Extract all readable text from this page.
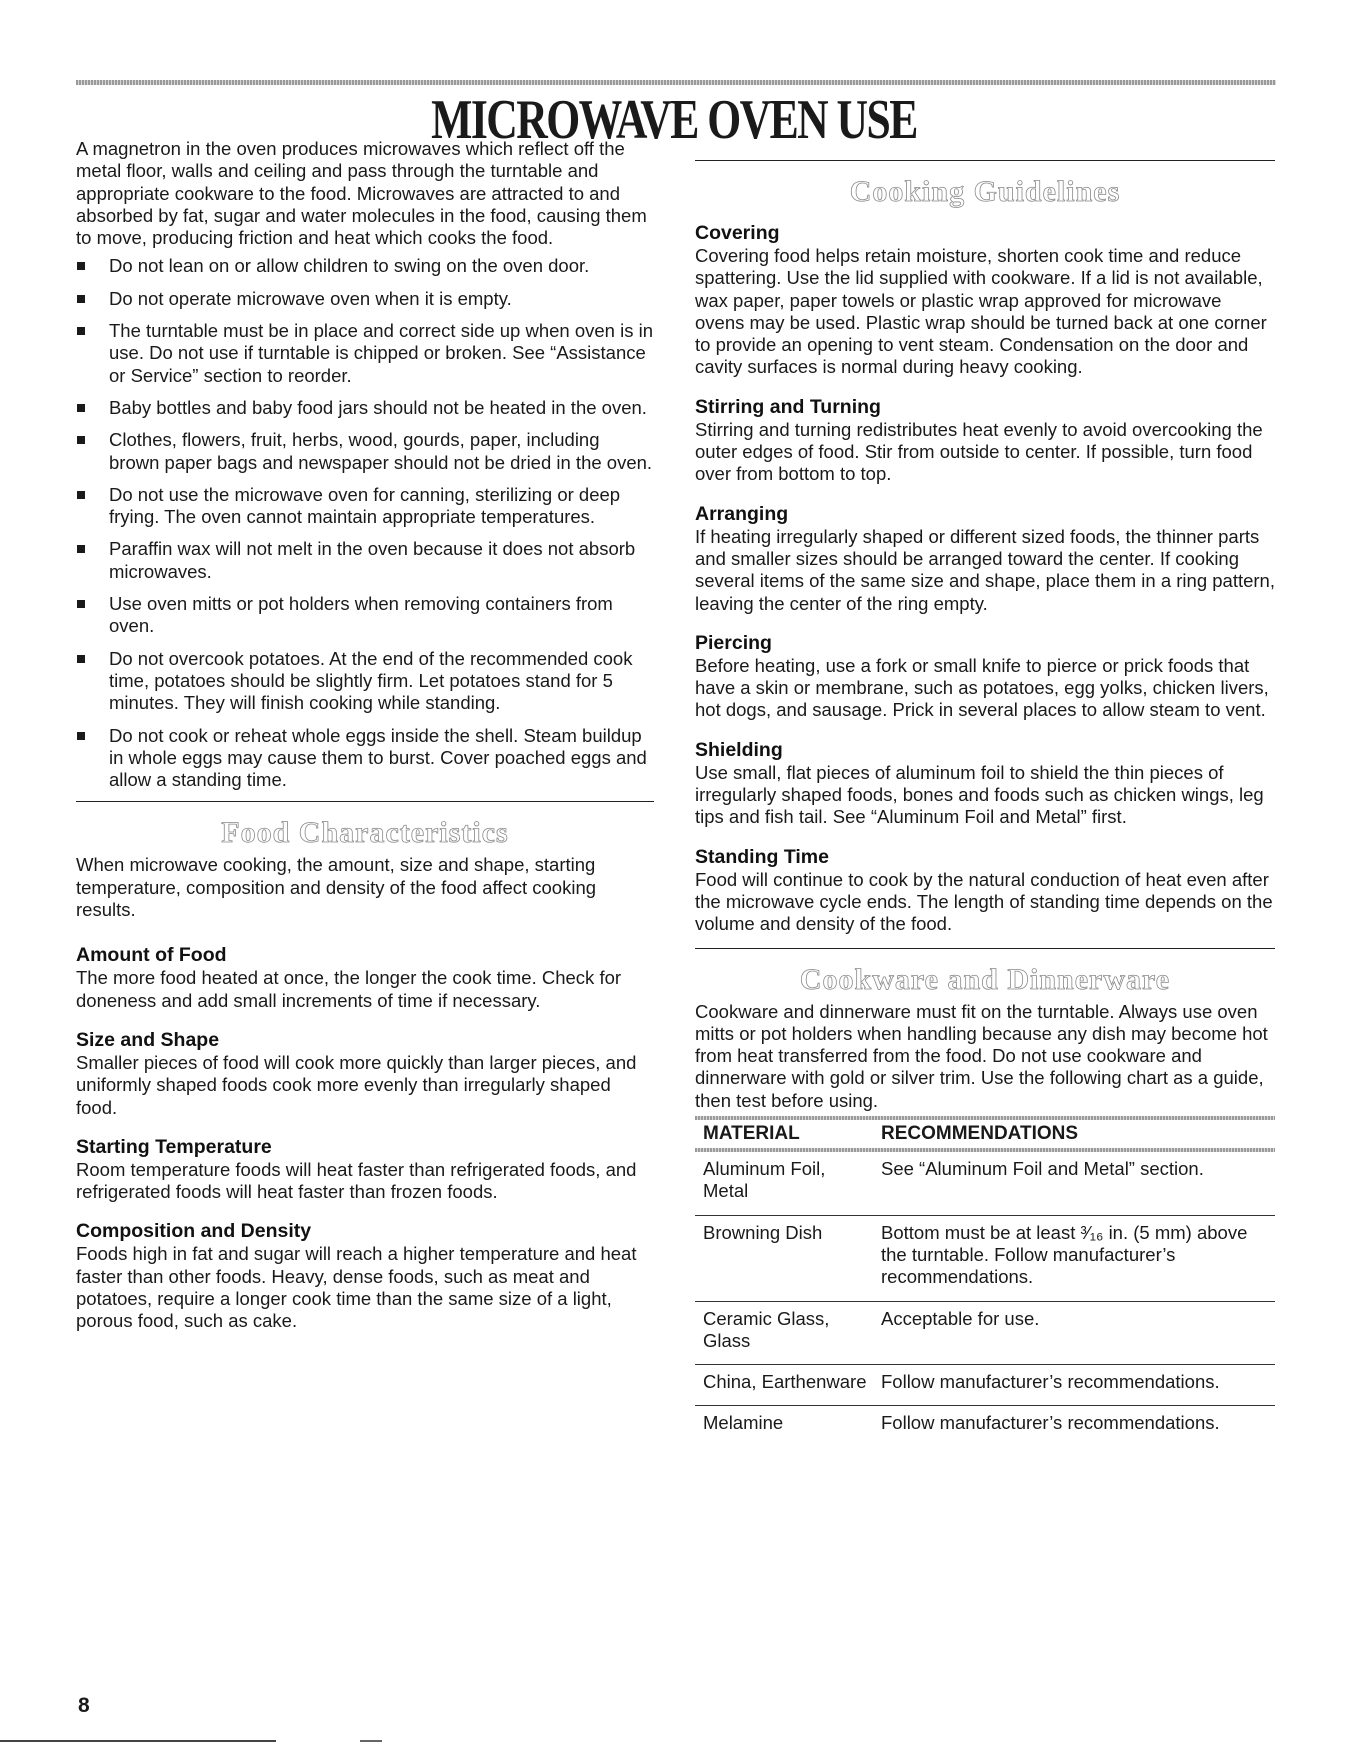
MICROWAVE OVEN USE

A magnetron in the oven produces microwaves which reflect off the metal floor, walls and ceiling and pass through the turntable and appropriate cookware to the food. Microwaves are attracted to and absorbed by fat, sugar and water molecules in the food, causing them to move, producing friction and heat which cooks the food.

Do not lean on or allow children to swing on the oven door.
Do not operate microwave oven when it is empty.
The turntable must be in place and correct side up when oven is in use. Do not use if turntable is chipped or broken. See “Assistance or Service” section to reorder.
Baby bottles and baby food jars should not be heated in the oven.
Clothes, flowers, fruit, herbs, wood, gourds, paper, including brown paper bags and newspaper should not be dried in the oven.
Do not use the microwave oven for canning, sterilizing or deep frying. The oven cannot maintain appropriate temperatures.
Paraffin wax will not melt in the oven because it does not absorb microwaves.
Use oven mitts or pot holders when removing containers from oven.
Do not overcook potatoes. At the end of the recommended cook time, potatoes should be slightly firm. Let potatoes stand for 5 minutes. They will finish cooking while standing.
Do not cook or reheat whole eggs inside the shell. Steam buildup in whole eggs may cause them to burst. Cover poached eggs and allow a standing time.
Food Characteristics

When microwave cooking, the amount, size and shape, starting temperature, composition and density of the food affect cooking results.

Amount of Food

The more food heated at once, the longer the cook time. Check for doneness and add small increments of time if necessary.

Size and Shape

Smaller pieces of food will cook more quickly than larger pieces, and uniformly shaped foods cook more evenly than irregularly shaped food.

Starting Temperature

Room temperature foods will heat faster than refrigerated foods, and refrigerated foods will heat faster than frozen foods.

Composition and Density

Foods high in fat and sugar will reach a higher temperature and heat faster than other foods. Heavy, dense foods, such as meat and potatoes, require a longer cook time than the same size of a light, porous food, such as cake.

Cooking Guidelines
Covering

Covering food helps retain moisture, shorten cook time and reduce spattering. Use the lid supplied with cookware. If a lid is not available, wax paper, paper towels or plastic wrap approved for microwave ovens may be used. Plastic wrap should be turned back at one corner to provide an opening to vent steam. Condensation on the door and cavity surfaces is normal during heavy cooking.

Stirring and Turning

Stirring and turning redistributes heat evenly to avoid overcooking the outer edges of food. Stir from outside to center. If possible, turn food over from bottom to top.

Arranging

If heating irregularly shaped or different sized foods, the thinner parts and smaller sizes should be arranged toward the center. If cooking several items of the same size and shape, place them in a ring pattern, leaving the center of the ring empty.

Piercing

Before heating, use a fork or small knife to pierce or prick foods that have a skin or membrane, such as potatoes, egg yolks, chicken livers, hot dogs, and sausage. Prick in several places to allow steam to vent.

Shielding

Use small, flat pieces of aluminum foil to shield the thin pieces of irregularly shaped foods, bones and foods such as chicken wings, leg tips and fish tail. See “Aluminum Foil and Metal” first.

Standing Time

Food will continue to cook by the natural conduction of heat even after the microwave cycle ends. The length of standing time depends on the volume and density of the food.

Cookware and Dinnerware

Cookware and dinnerware must fit on the turntable. Always use oven mitts or pot holders when handling because any dish may become hot from heat transferred from the food. Do not use cookware and dinnerware with gold or silver trim. Use the following chart as a guide, then test before using.

MATERIAL	RECOMMENDATIONS

Aluminum Foil, Metal	See “Aluminum Foil and Metal” section.
Browning Dish	Bottom must be at least ³⁄₁₆ in. (5 mm) above the turntable. Follow manufacturer’s recommendations.
Ceramic Glass, Glass	Acceptable for use.
China, Earthenware	Follow manufacturer’s recommendations.
Melamine	Follow manufacturer’s recommendations.
8
